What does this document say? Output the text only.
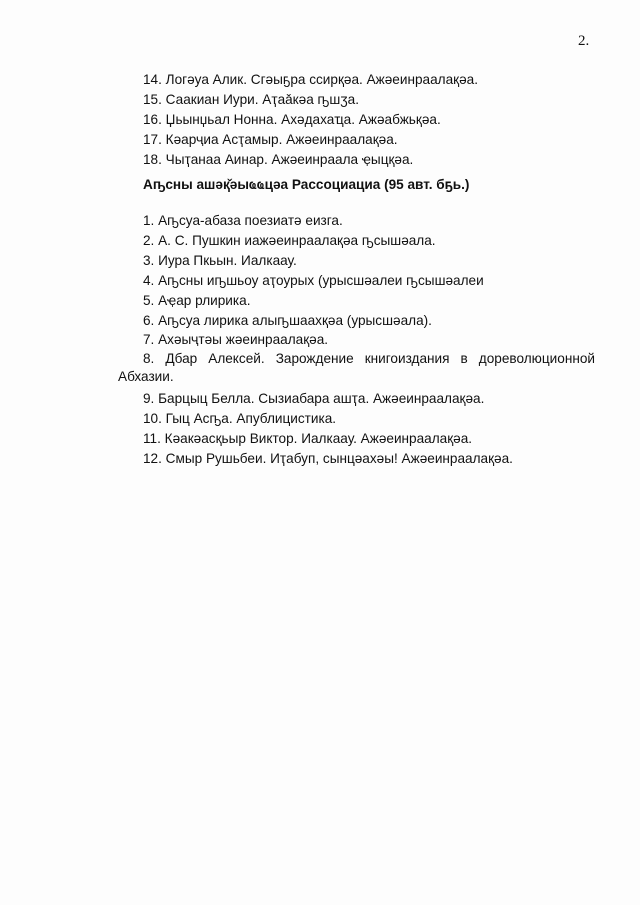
2.
14. Логәуа Алик. Сгәыҕра ссирқәа. Ажәеинраалақәа.
15. Саакиан Иури. Аҭаа̌кәа ҧшӡа.
16. Џьынџьал Нонна. Ахәдахаҵа. Ажәабжьқәа.
17. Кәарҷиа Асҭамыр. Ажәеинраалақәа.
18. Чыҭанаа Аинар. Ажәеинраала ҿыцқәа.
Аҧсны ашәқ̌әыҩҩцәа Рассоциациа (95 авт. бҕь.)
1. Аҧсуа-абаза поезиатә еизга.
2. А. С. Пушкин иажәеинраалақәа ҧсышәала.
3. Иура Пкьын. Иалкаау.
4. Аҧсны иҧшьоу аҭоурых (урысшәалеи ҧсышәалеи
5. Аҿар рлирика.
6. Аҧсуа лирика алыҧшаахқәа (урысшәала).
7. Ахәыҷтәы жәеинраалақәа.
8. Дбар Алексей. Зарождение книгоиздания в дореволюционной Абхазии.
9. Барцыц Белла. Сызиабара ашҭа. Ажәеинраалақәа.
10. Гыц Асҧа. Апублицистика.
11. Кәакәасқьыр Виктор. Иалкаау. Ажәеинраалақәа.
12. Смыр Рушьбеи. Иҭабуп, сынцәахәы! Ажәеинраалақәа.
